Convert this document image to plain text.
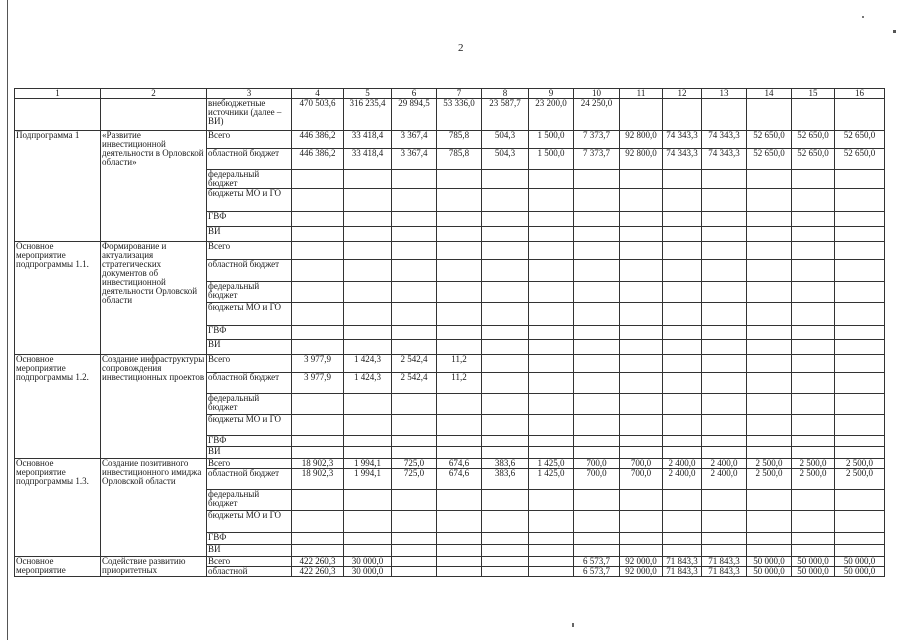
2
1	2	3	4	5	6	7	8	9	10	11	12	13	14	15	16	
		внебюджетные источники (далее – ВИ)	470 503,6	316 235,4	29 894,5	53 336,0	23 587,7	23 200,0	24 250,0							
Подпрограмма 1	«Развитие инвестиционной деятельности в Орловской области»	Всего	446 386,2	33 418,4	3 367,4	785,8	504,3	1 500,0	7 373,7	92 800,0	74 343,3	74 343,3	52 650,0	52 650,0	52 650,0	
		областной бюджет	446 386,2	33 418,4	3 367,4	785,8	504,3	1 500,0	7 373,7	92 800,0	74 343,3	74 343,3	52 650,0	52 650,0	52 650,0	
		федеральный бюджет														
		бюджеты МО и ГО														
		ГВФ														
		ВИ														
Основное мероприятие подпрограммы 1.1.	Формирование и актуализация стратегических документов об инвестиционной деятельности Орловской области	Всего														
		областной бюджет														
		федеральный бюджет														
		бюджеты МО и ГО														
		ГВФ														
		ВИ														
Основное мероприятие подпрограммы 1.2.	Создание инфраструктуры сопровождения инвестиционных проектов	Всего	3 977,9	1 424,3	2 542,4	11,2										
		областной бюджет	3 977,9	1 424,3	2 542,4	11,2										
		федеральный бюджет														
		бюджеты МО и ГО														
		ГВФ														
		ВИ														
Основное мероприятие подпрограммы 1.3.	Создание позитивного инвестиционного имиджа Орловской области	Всего	18 902,3	1 994,1	725,0	674,6	383,6	1 425,0	700,0	700,0	2 400,0	2 400,0	2 500,0	2 500,0	2 500,0	
		областной бюджет	18 902,3	1 994,1	725,0	674,6	383,6	1 425,0	700,0	700,0	2 400,0	2 400,0	2 500,0	2 500,0	2 500,0	
		федеральный бюджет														
		бюджеты МО и ГО														
		ГВФ														
		ВИ														
Основное мероприятие	Содействие развитию приоритетных	Всего	422 260,3	30 000,0					6 573,7	92 000,0	71 843,3	71 843,3	50 000,0	50 000,0	50 000,0	
		областной	422 260,3	30 000,0					6 573,7	92 000,0	71 843,3	71 843,3	50 000,0	50 000,0	50 000,0	
